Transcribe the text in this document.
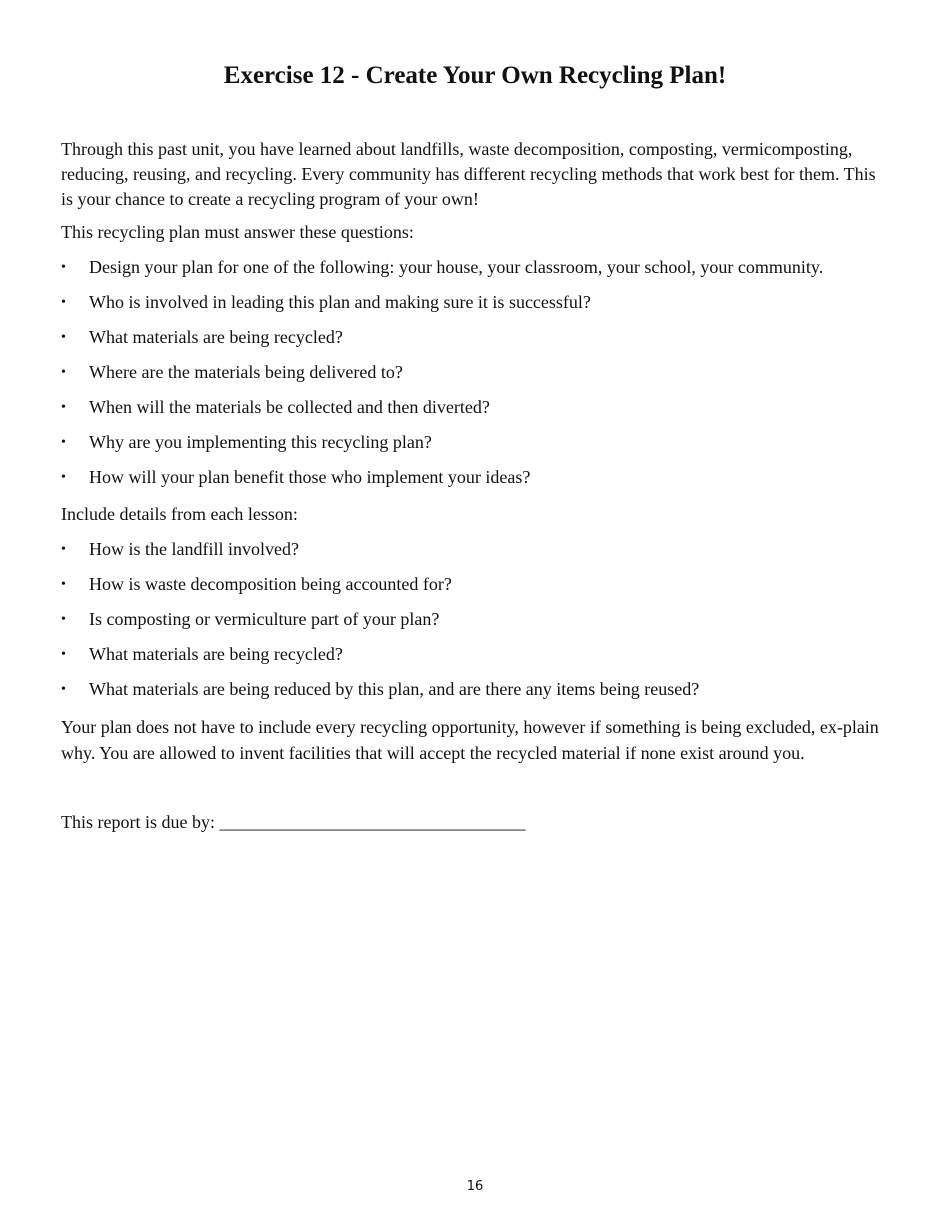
Exercise 12 - Create Your Own Recycling Plan!

Through this past unit, you have learned about landfills, waste decomposition, composting, vermicomposting, reducing, reusing, and recycling. Every community has different recycling methods that work best for them. This is your chance to create a recycling program of your own!

This recycling plan must answer these questions:

• Design your plan for one of the following: your house, your classroom, your school, your community.
• Who is involved in leading this plan and making sure it is successful?
• What materials are being recycled?
• Where are the materials being delivered to?
• When will the materials be collected and then diverted?
• Why are you implementing this recycling plan?
• How will your plan benefit those who implement your ideas?

Include details from each lesson:

• How is the landfill involved?
• How is waste decomposition being accounted for?
• Is composting or vermiculture part of your plan?
• What materials are being recycled?
• What materials are being reduced by this plan, and are there any items being reused?

Your plan does not have to include every recycling opportunity, however if something is being excluded, ex-plain why. You are allowed to invent facilities that will accept the recycled material if none exist around you.

This report is due by: __________________________________

16
